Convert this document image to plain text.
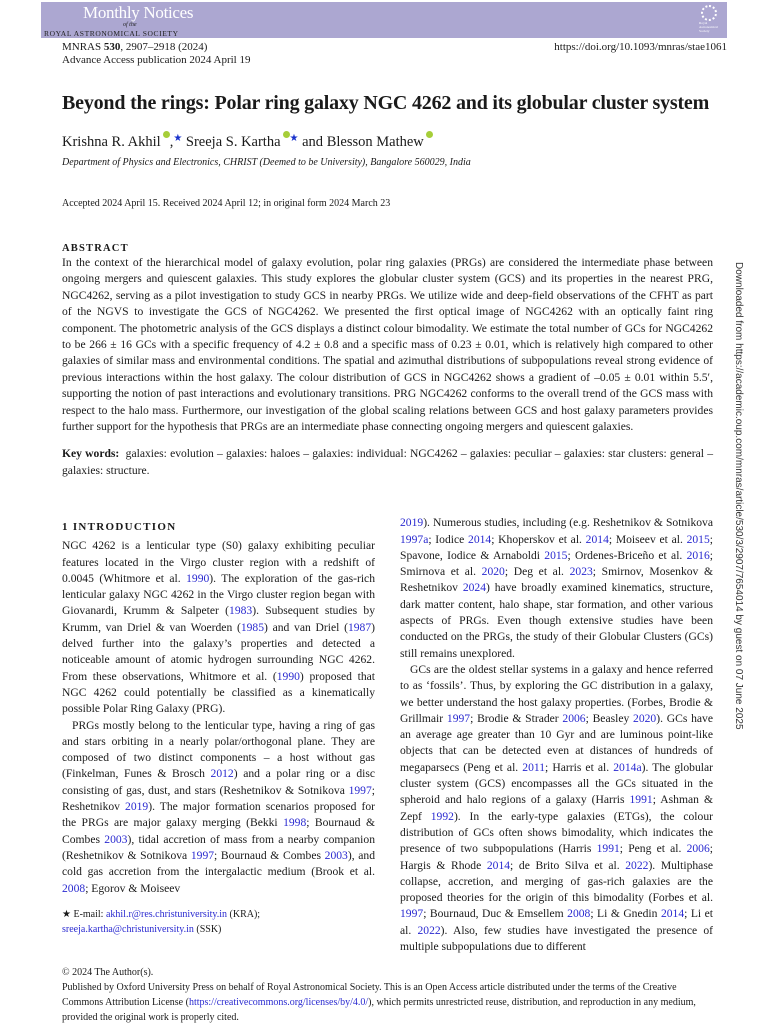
Monthly Notices
of the
ROYAL ASTRONOMICAL SOCIETY
Royal Astronomical Society
MNRAS 530, 2907–2918 (2024)
Advance Access publication 2024 April 19
https://doi.org/10.1093/mnras/stae1061
Beyond the rings: Polar ring galaxy NGC 4262 and its globular cluster system
Krishna R. Akhil ,★ Sreeja S. Kartha ★ and Blesson Mathew
Department of Physics and Electronics, CHRIST (Deemed to be University), Bangalore 560029, India
Accepted 2024 April 15. Received 2024 April 12; in original form 2024 March 23
ABSTRACT

In the context of the hierarchical model of galaxy evolution, polar ring galaxies (PRGs) are considered the intermediate phase between ongoing mergers and quiescent galaxies. This study explores the globular cluster system (GCS) and its properties in the nearest PRG, NGC4262, serving as a pilot investigation to study GCS in nearby PRGs. We utilize wide and deep-field observations of the CFHT as part of the NGVS to investigate the GCS of NGC4262. We presented the first optical image of NGC4262 with an optically faint ring component. The photometric analysis of the GCS displays a distinct colour bimodality. We estimate the total number of GCs for NGC4262 to be 266 ± 16 GCs with a specific frequency of 4.2 ± 0.8 and a specific mass of 0.23 ± 0.01, which is relatively high compared to other galaxies of similar mass and environmental conditions. The spatial and azimuthal distributions of subpopulations reveal strong evidence of previous interactions within the host galaxy. The colour distribution of GCS in NGC4262 shows a gradient of –0.05 ± 0.01 within 5.5′, supporting the notion of past interactions and evolutionary transitions. PRG NGC4262 conforms to the overall trend of the GCS mass with respect to the halo mass. Furthermore, our investigation of the global scaling relations between GCS and host galaxy parameters provides further support for the hypothesis that PRGs are an intermediate phase connecting ongoing mergers and quiescent galaxies.

Key words: galaxies: evolution – galaxies: haloes – galaxies: individual: NGC4262 – galaxies: peculiar – galaxies: star clusters: general – galaxies: structure.

1 INTRODUCTION

NGC 4262 is a lenticular type (S0) galaxy exhibiting peculiar features located in the Virgo cluster region with a redshift of 0.0045 (Whitmore et al. 1990). The exploration of the gas-rich lenticular galaxy NGC 4262 in the Virgo cluster region began with Giovanardi, Krumm & Salpeter (1983). Subsequent studies by Krumm, van Driel & van Woerden (1985) and van Driel (1987) delved further into the galaxy’s properties and detected a noticeable amount of atomic hydrogen surrounding NGC 4262. From these observations, Whitmore et al. (1990) proposed that NGC 4262 could potentially be classified as a kinematically possible Polar Ring Galaxy (PRG).

PRGs mostly belong to the lenticular type, having a ring of gas and stars orbiting in a nearly polar/orthogonal plane. They are composed of two distinct components – a host without gas (Finkelman, Funes & Brosch 2012) and a polar ring or a disc consisting of gas, dust, and stars (Reshetnikov & Sotnikova 1997; Reshetnikov 2019). The major formation scenarios proposed for the PRGs are major galaxy merging (Bekki 1998; Bournaud & Combes 2003), tidal accretion of mass from a nearby companion (Reshetnikov & Sotnikova 1997; Bournaud & Combes 2003), and cold gas accretion from the intergalactic medium (Brook et al. 2008; Egorov & Moiseev

★ E-mail: akhil.r@res.christuniversity.in (KRA);
sreeja.kartha@christuniversity.in (SSK)

2019). Numerous studies, including (e.g. Reshetnikov & Sotnikova 1997a; Iodice 2014; Khoperskov et al. 2014; Moiseev et al. 2015; Spavone, Iodice & Arnaboldi 2015; Ordenes-Briceño et al. 2016; Smirnova et al. 2020; Deg et al. 2023; Smirnov, Mosenkov & Reshetnikov 2024) have broadly examined kinematics, structure, dark matter content, halo shape, star formation, and other various aspects of PRGs. Even though extensive studies have been conducted on the PRGs, the study of their Globular Clusters (GCs) still remains unexplored.

GCs are the oldest stellar systems in a galaxy and hence referred to as ‘fossils’. Thus, by exploring the GC distribution in a galaxy, we better understand the host galaxy properties. (Forbes, Brodie & Grillmair 1997; Brodie & Strader 2006; Beasley 2020). GCs have an average age greater than 10 Gyr and are luminous point-like objects that can be detected even at distances of hundreds of megaparsecs (Peng et al. 2011; Harris et al. 2014a). The globular cluster system (GCS) encompasses all the GCs situated in the spheroid and halo regions of a galaxy (Harris 1991; Ashman & Zepf 1992). In the early-type galaxies (ETGs), the colour distribution of GCs often shows bimodality, which indicates the presence of two subpopulations (Harris 1991; Peng et al. 2006; Hargis & Rhode 2014; de Brito Silva et al. 2022). Multiphase collapse, accretion, and merging of gas-rich galaxies are the proposed theories for the origin of this bimodality (Forbes et al. 1997; Bournaud, Duc & Emsellem 2008; Li & Gnedin 2014; Li et al. 2022). Also, few studies have investigated the presence of multiple subpopulations due to different

© 2024 The Author(s).
Published by Oxford University Press on behalf of Royal Astronomical Society. This is an Open Access article distributed under the terms of the Creative Commons Attribution License (https://creativecommons.org/licenses/by/4.0/), which permits unrestricted reuse, distribution, and reproduction in any medium, provided the original work is properly cited.
Downloaded from https://academic.oup.com/mnras/article/530/3/2907/7654014 by guest on 07 June 2025
